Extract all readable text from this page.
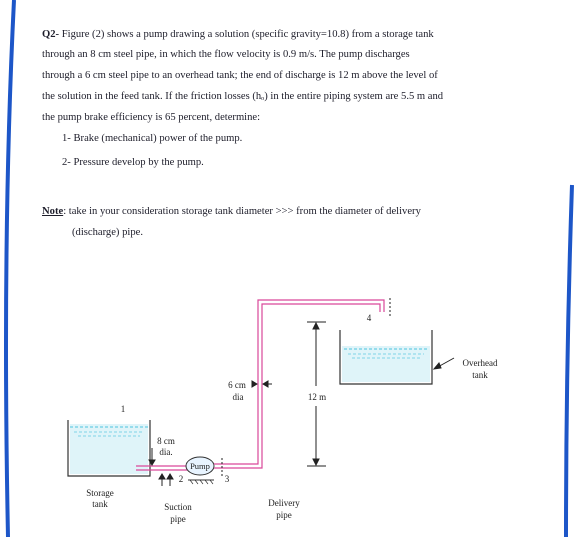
Q2- Figure (2) shows a pump drawing a solution (specific gravity=10.8) from a storage tank
through an 8 cm steel pipe, in which the flow velocity is 0.9 m/s. The pump discharges
through a 6 cm steel pipe to an overhead tank; the end of discharge is 12 m above the level of
the solution in the feed tank. If the friction losses (hₒ) in the entire piping system are 5.5 m and
the pump brake efficiency is 65 percent, determine:
1- Brake (mechanical) power of the pump.
2- Pressure develop by the pump.
Note: take in your consideration storage tank diameter >>> from the diameter of delivery
(discharge) pipe.
1
2	3
4
6 cm
dia
8 cm
dia.
Pump
12 m
Overhead
tank
Storage
tank	Suction
pipe
Delivery
pipe
